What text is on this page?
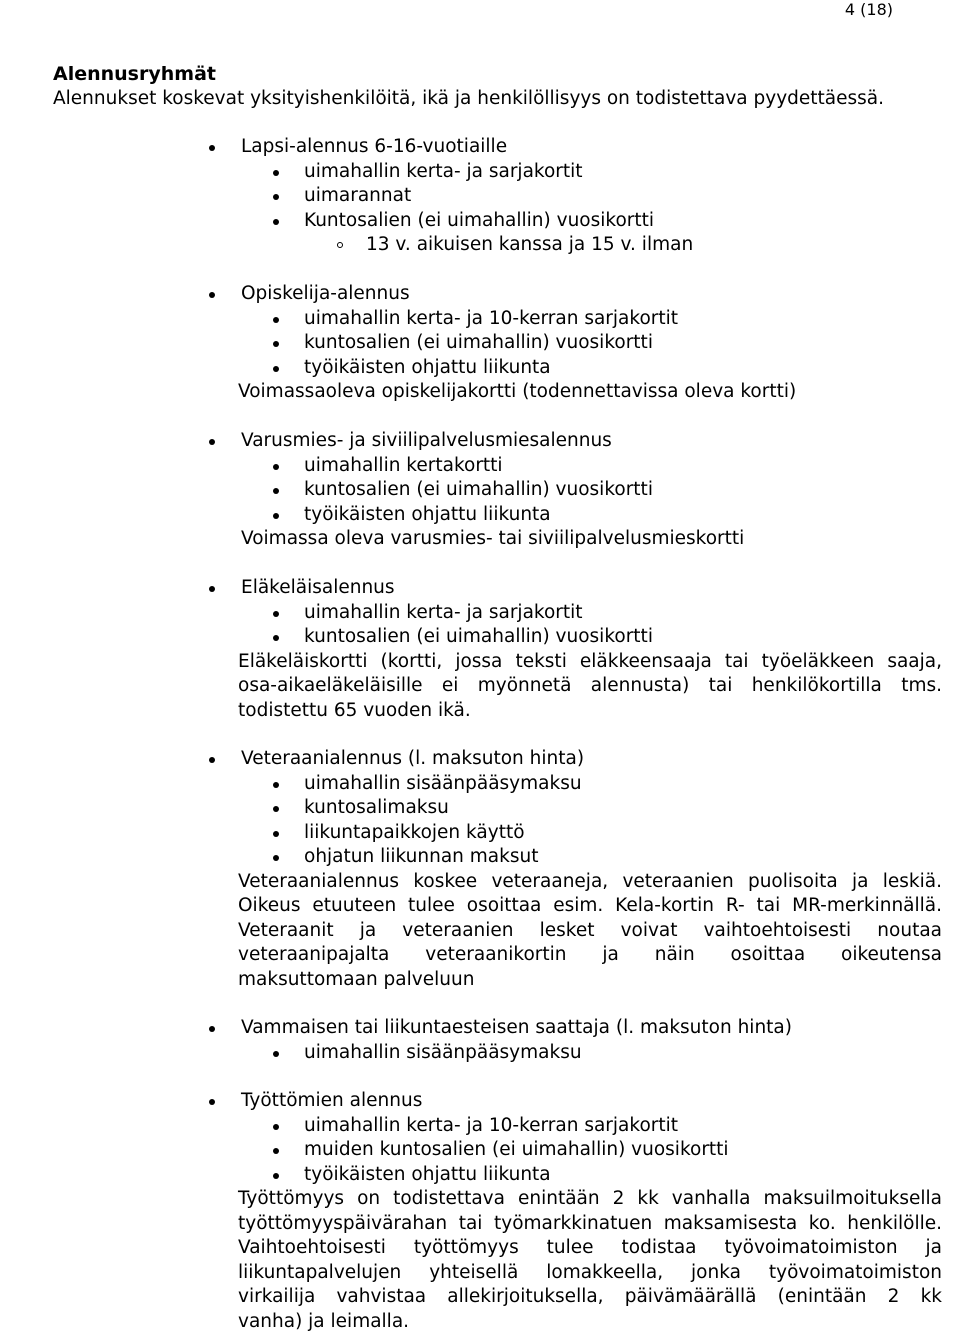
4 (18)
Alennusryhmät
Alennukset koskevat yksityishenkilöitä, ikä ja henkilöllisyys on todistettava pyydettäessä.
Lapsi-alennus 6-16-vuotiaille
uimahallin kerta- ja sarjakortit
uimarannat
Kuntosalien (ei uimahallin) vuosikortti
13 v. aikuisen kanssa ja 15 v. ilman
Opiskelija-alennus
uimahallin kerta- ja 10-kerran sarjakortit
kuntosalien (ei uimahallin) vuosikortti
työikäisten ohjattu liikunta
Voimassaoleva opiskelijakortti (todennettavissa oleva kortti)
Varusmies- ja siviilipalvelusmiesalennus
uimahallin kertakortti
kuntosalien (ei uimahallin) vuosikortti
työikäisten ohjattu liikunta
Voimassa oleva varusmies- tai siviilipalvelusmieskortti
Eläkeläisalennus
uimahallin kerta- ja sarjakortit
kuntosalien (ei uimahallin) vuosikortti
Eläkeläiskortti (kortti, jossa teksti eläkkeensaaja tai työeläkkeen saaja,
osa-aikaeläkeläisille ei myönnetä alennusta) tai henkilökortilla tms.
todistettu 65 vuoden ikä.
Veteraanialennus (l. maksuton hinta)
uimahallin sisäänpääsymaksu
kuntosalimaksu
liikuntapaikkojen käyttö
ohjatun liikunnan maksut
Veteraanialennus koskee veteraaneja, veteraanien puolisoita ja leskiä.
Oikeus etuuteen tulee osoittaa esim. Kela-kortin R- tai MR-merkinnällä.
Veteraanit ja veteraanien lesket voivat vaihtoehtoisesti noutaa
veteraanipajalta veteraanikortin ja näin osoittaa oikeutensa
maksuttomaan palveluun
Vammaisen tai liikuntaesteisen saattaja (l. maksuton hinta)
uimahallin sisäänpääsymaksu
Työttömien alennus
uimahallin kerta- ja 10-kerran sarjakortit
muiden kuntosalien (ei uimahallin) vuosikortti
työikäisten ohjattu liikunta
Työttömyys on todistettava enintään 2 kk vanhalla maksuilmoituksella
työttömyyspäivärahan tai työmarkkinatuen maksamisesta ko. henkilölle.
Vaihtoehtoisesti työttömyys tulee todistaa työvoimatoimiston ja
liikuntapalvelujen yhteisellä lomakkeella, jonka työvoimatoimiston
virkailija vahvistaa allekirjoituksella, päivämäärällä (enintään 2 kk
vanha) ja leimalla.
